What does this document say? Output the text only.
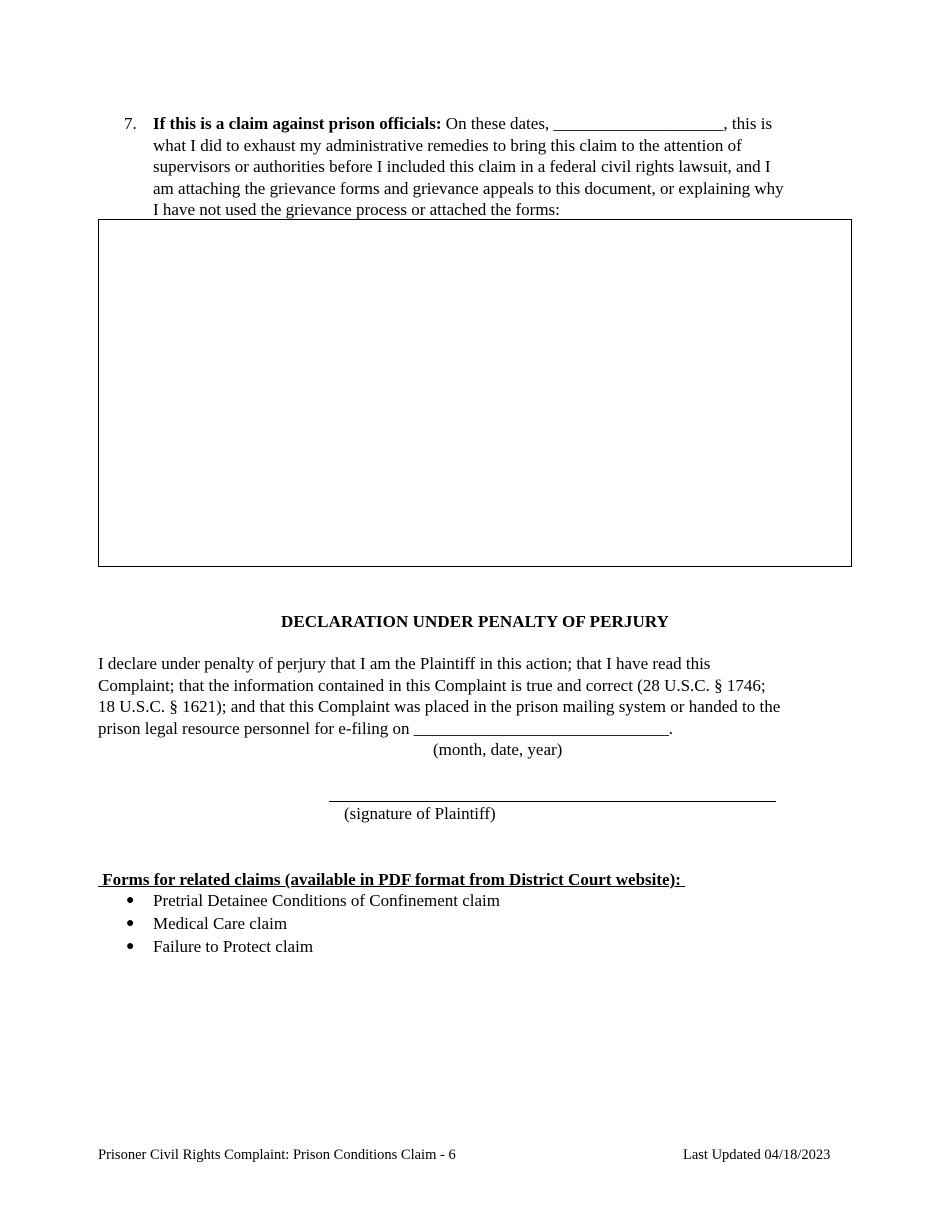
7. If this is a claim against prison officials: On these dates, ____________________, this is
what I did to exhaust my administrative remedies to bring this claim to the attention of
supervisors or authorities before I included this claim in a federal civil rights lawsuit, and I
am attaching the grievance forms and grievance appeals to this document, or explaining why
I have not used the grievance process or attached the forms:
DECLARATION UNDER PENALTY OF PERJURY
I declare under penalty of perjury that I am the Plaintiff in this action; that I have read this
Complaint; that the information contained in this Complaint is true and correct (28 U.S.C. § 1746;
18 U.S.C. § 1621); and that this Complaint was placed in the prison mailing system or handed to the
prison legal resource personnel for e-filing on ______________________________.
(month, date, year)
(signature of Plaintiff)
Forms for related claims (available in PDF format from District Court website):
● Pretrial Detainee Conditions of Confinement claim
● Medical Care claim
● Failure to Protect claim
Prisoner Civil Rights Complaint: Prison Conditions Claim - 6	Last Updated 04/18/2023
